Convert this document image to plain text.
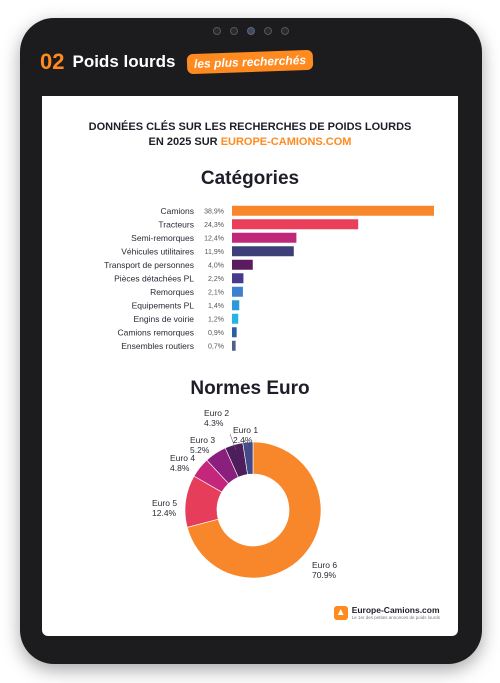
02 Poids lourds	les plus recherchés
DONNÉES CLÉS SUR LES RECHERCHES DE POIDS LOURDS
EN 2025 SUR EUROPE-CAMIONS.COM
Catégories
Normes Euro
Camions 38,9%
Tracteurs 24,3%
Semi-remorques 12,4%
Véhicules utilitaires 11,9%
Transport de personnes 4,0%
Pièces détachées PL 2,2%
Remorques 2,1%
Equipements PL 1,4%
Engins de voirie 1,2%
Camions remorques 0,9%
Ensembles routiers 0,7%
Euro 6
70.9%
Euro 5
12.4%
Euro 4
4.8%
Euro 3
5.2%
Euro 2
4.3%
Euro 1
2.4%
▲ Europe-Camions.com
Le 1er des petites annonces de poids lourds
